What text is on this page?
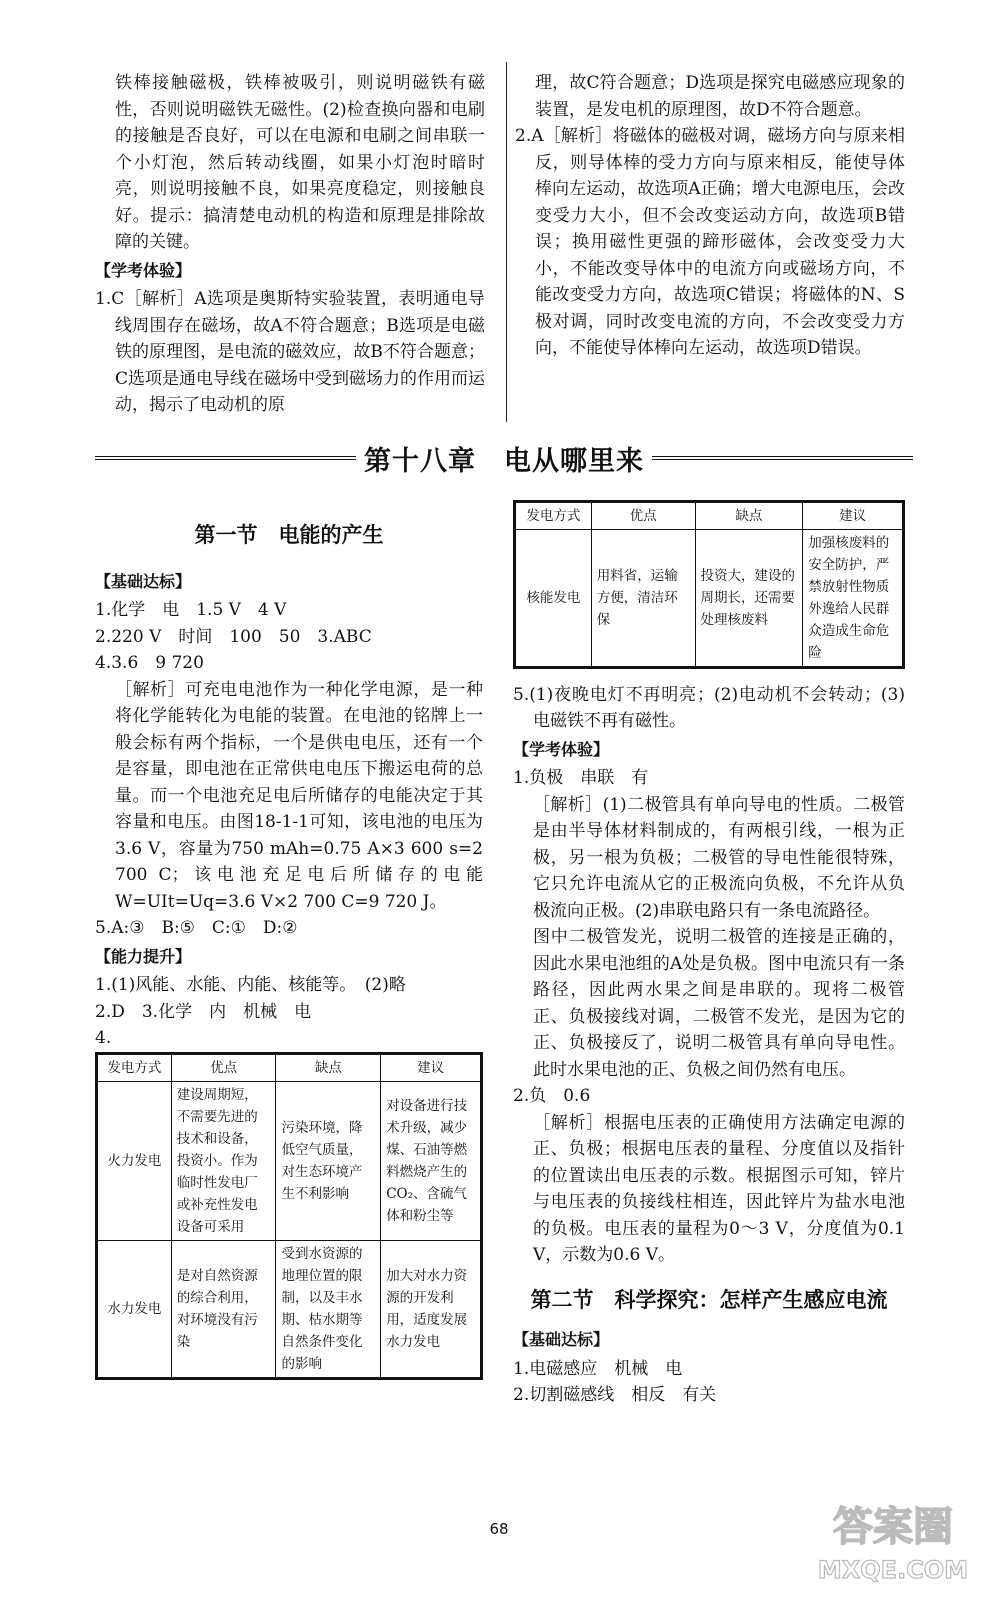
铁棒接触磁极，铁棒被吸引，则说明磁铁有磁性，否则说明磁铁无磁性。(2)检查换向器和电刷的接触是否良好，可以在电源和电刷之间串联一个小灯泡，然后转动线圈，如果小灯泡时暗时亮，则说明接触不良，如果亮度稳定，则接触良好。提示：搞清楚电动机的构造和原理是排除故障的关键。

【学考体验】

1.C［解析］A选项是奥斯特实验装置，表明通电导线周围存在磁场，故A不符合题意；B选项是电磁铁的原理图，是电流的磁效应，故B不符合题意；C选项是通电导线在磁场中受到磁场力的作用而运动，揭示了电动机的原

理，故C符合题意；D选项是探究电磁感应现象的装置，是发电机的原理图，故D不符合题意。

2.A［解析］将磁体的磁极对调，磁场方向与原来相反，则导体棒的受力方向与原来相反，能使导体棒向左运动，故选项A正确；增大电源电压，会改变受力大小，但不会改变运动方向，故选项B错误；换用磁性更强的蹄形磁体，会改变受力大小，不能改变导体中的电流方向或磁场方向，不能改变受力方向，故选项C错误；将磁体的N、S极对调，同时改变电流的方向，不会改变受力方向，不能使导体棒向左运动，故选项D错误。

第十八章　电从哪里来
第一节　电能的产生
【基础达标】

1.化学　电　1.5 V　4 V

2.220 V　时间　100　50　3.ABC

4.3.6　9 720

［解析］可充电电池作为一种化学电源，是一种将化学能转化为电能的装置。在电池的铭牌上一般会标有两个指标，一个是供电电压，还有一个是容量，即电池在正常供电电压下搬运电荷的总量。而一个电池充足电后所储存的电能决定于其容量和电压。由图18-1-1可知，该电池的电压为3.6 V，容量为750 mAh=0.75 A×3 600 s=2 700 C；该电池充足电后所储存的电能W=UIt=Uq=3.6 V×2 700 C=9 720 J。

5.A:③　B:⑤　C:①　D:②

【能力提升】

1.(1)风能、水能、内能、核能等。　(2)略

2.D　3.化学　内　机械　电

4.

发电方式	优点	缺点	建议
火力发电	建设周期短，不需要先进的技术和设备，投资小。作为临时性发电厂或补充性发电设备可采用	污染环境，降低空气质量，对生态环境产生不利影响	对设备进行技术升级，减少煤、石油等燃料燃烧产生的CO₂、含硫气体和粉尘等
水力发电	是对自然资源的综合利用，对环境没有污染	受到水资源的地理位置的限制，以及丰水期、枯水期等自然条件变化的影响	加大对水力资源的开发利用，适度发展水力发电
发电方式	优点	缺点	建议
核能发电	用料省，运输方便，清洁环保	投资大，建设的周期长，还需要处理核废料	加强核废料的安全防护，严禁放射性物质外逸给人民群众造成生命危险

5.(1)夜晚电灯不再明亮；(2)电动机不会转动；(3)电磁铁不再有磁性。

【学考体验】

1.负极　串联　有

［解析］(1)二极管具有单向导电的性质。二极管是由半导体材料制成的，有两根引线，一根为正极，另一根为负极；二极管的导电性能很特殊，它只允许电流从它的正极流向负极，不允许从负极流向正极。(2)串联电路只有一条电流路径。

图中二极管发光，说明二极管的连接是正确的，因此水果电池组的A处是负极。图中电流只有一条路径，因此两水果之间是串联的。现将二极管正、负极接线对调，二极管不发光，是因为它的正、负极接反了，说明二极管具有单向导电性。此时水果电池的正、负极之间仍然有电压。

2.负　0.6

［解析］根据电压表的正确使用方法确定电源的正、负极；根据电压表的量程、分度值以及指针的位置读出电压表的示数。根据图示可知，锌片与电压表的负接线柱相连，因此锌片为盐水电池的负极。电压表的量程为0～3 V，分度值为0.1 V，示数为0.6 V。

第二节　科学探究：怎样产生感应电流
【基础达标】

1.电磁感应　机械　电

2.切割磁感线　相反　有关

68	答案圈
MXQE.COM
